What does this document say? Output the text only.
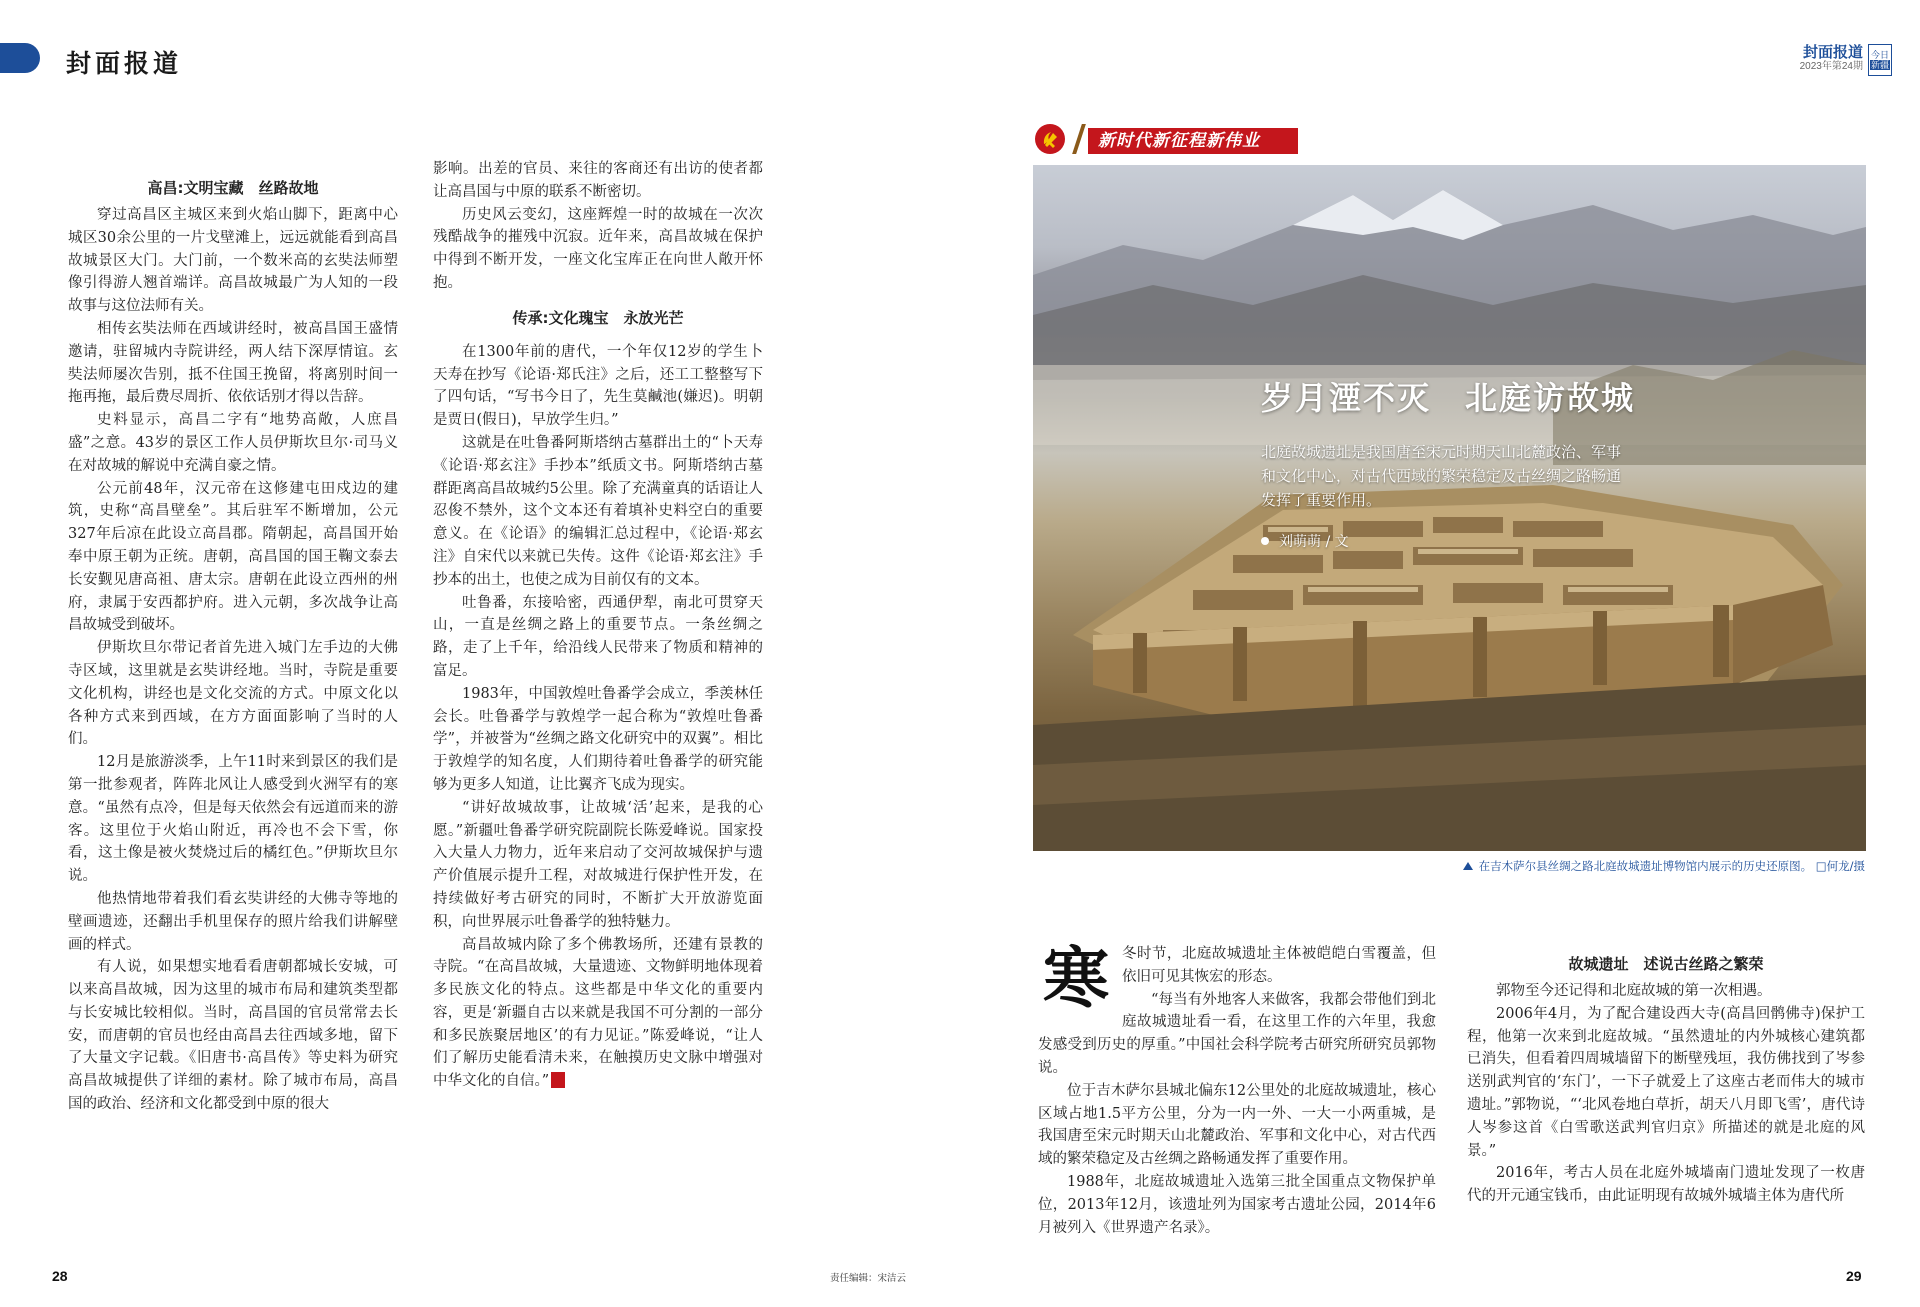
封面报道	封面报道
2023年第24期
今日
新疆
高昌:文明宝藏　丝路故地

穿过高昌区主城区来到火焰山脚下，距离中心城区30余公里的一片戈壁滩上，远远就能看到高昌故城景区大门。大门前，一个数米高的玄奘法师塑像引得游人翘首端详。高昌故城最广为人知的一段故事与这位法师有关。

相传玄奘法师在西域讲经时，被高昌国王盛情邀请，驻留城内寺院讲经，两人结下深厚情谊。玄奘法师屡次告别，抵不住国王挽留，将离别时间一拖再拖，最后费尽周折、依依话别才得以告辞。

史料显示，高昌二字有“地势高敞，人庶昌盛”之意。43岁的景区工作人员伊斯坎旦尔·司马义在对故城的解说中充满自豪之情。

公元前48年，汉元帝在这修建屯田戍边的建筑，史称“高昌壁垒”。其后驻军不断增加，公元327年后凉在此设立高昌郡。隋朝起，高昌国开始奉中原王朝为正统。唐朝，高昌国的国王鞠文泰去长安觐见唐高祖、唐太宗。唐朝在此设立西州的州府，隶属于安西都护府。进入元朝，多次战争让高昌故城受到破坏。

伊斯坎旦尔带记者首先进入城门左手边的大佛寺区域，这里就是玄奘讲经地。当时，寺院是重要文化机构，讲经也是文化交流的方式。中原文化以各种方式来到西域，在方方面面影响了当时的人们。

12月是旅游淡季，上午11时来到景区的我们是第一批参观者，阵阵北风让人感受到火洲罕有的寒意。“虽然有点冷，但是每天依然会有远道而来的游客。这里位于火焰山附近，再冷也不会下雪，你看，这土像是被火焚烧过后的橘红色。”伊斯坎旦尔说。

他热情地带着我们看玄奘讲经的大佛寺等地的壁画遗迹，还翻出手机里保存的照片给我们讲解壁画的样式。

有人说，如果想实地看看唐朝都城长安城，可以来高昌故城，因为这里的城市布局和建筑类型都与长安城比较相似。当时，高昌国的官员常常去长安，而唐朝的官员也经由高昌去往西域多地，留下了大量文字记载。《旧唐书·高昌传》等史料为研究高昌故城提供了详细的素材。除了城市布局，高昌国的政治、经济和文化都受到中原的很大

影响。出差的官员、来往的客商还有出访的使者都让高昌国与中原的联系不断密切。

历史风云变幻，这座辉煌一时的故城在一次次残酷战争的摧残中沉寂。近年来，高昌故城在保护中得到不断开发，一座文化宝库正在向世人敞开怀抱。

传承:文化瑰宝　永放光芒

在1300年前的唐代，一个年仅12岁的学生卜天寿在抄写《论语·郑氏注》之后，还工工整整写下了四句话，“写书今日了，先生莫鹹池(嫌迟)。明朝是贾日(假日)，早放学生归。”

这就是在吐鲁番阿斯塔纳古墓群出土的“卜天寿《论语·郑玄注》手抄本”纸质文书。阿斯塔纳古墓群距离高昌故城约5公里。除了充满童真的话语让人忍俊不禁外，这个文本还有着填补史料空白的重要意义。在《论语》的编辑汇总过程中，《论语·郑玄注》自宋代以来就已失传。这件《论语·郑玄注》手抄本的出土，也使之成为目前仅有的文本。

吐鲁番，东接哈密，西通伊犁，南北可贯穿天山，一直是丝绸之路上的重要节点。一条丝绸之路，走了上千年，给沿线人民带来了物质和精神的富足。

1983年，中国敦煌吐鲁番学会成立，季羡林任会长。吐鲁番学与敦煌学一起合称为“敦煌吐鲁番学”，并被誉为“丝绸之路文化研究中的双翼”。相比于敦煌学的知名度，人们期待着吐鲁番学的研究能够为更多人知道，让比翼齐飞成为现实。

“讲好故城故事，让故城‘活’起来，是我的心愿。”新疆吐鲁番学研究院副院长陈爱峰说。国家投入大量人力物力，近年来启动了交河故城保护与遗产价值展示提升工程，对故城进行保护性开发，在持续做好考古研究的同时，不断扩大开放游览面积，向世界展示吐鲁番学的独特魅力。

高昌故城内除了多个佛教场所，还建有景教的寺院。“在高昌故城，大量遗迹、文物鲜明地体现着多民族文化的特点。这些都是中华文化的重要内容，更是‘新疆自古以来就是我国不可分割的一部分和多民族聚居地区’的有力见证。”陈爱峰说，“让人们了解历史能看清未来，在触摸历史文脉中增强对中华文化的自信。”

28	责任编辑：宋洁云
新时代新征程新伟业
岁月湮不灭　北庭访故城
北庭故城遗址是我国唐至宋元时期天山北麓政治、军事和文化中心，对古代西域的繁荣稳定及古丝绸之路畅通发挥了重要作用。
刘萌萌 / 文
在吉木萨尔县丝绸之路北庭故城遗址博物馆内展示的历史还原图。 □何龙/摄
寒 冬时节，北庭故城遗址主体被皑皑白雪覆盖，但依旧可见其恢宏的形态。

“每当有外地客人来做客，我都会带他们到北庭故城遗址看一看，在这里工作的六年里，我愈发感受到历史的厚重。”中国社会科学院考古研究所研究员郭物说。

位于吉木萨尔县城北偏东12公里处的北庭故城遗址，核心区域占地1.5平方公里，分为一内一外、一大一小两重城，是我国唐至宋元时期天山北麓政治、军事和文化中心，对古代西域的繁荣稳定及古丝绸之路畅通发挥了重要作用。

1988年，北庭故城遗址入选第三批全国重点文物保护单位，2013年12月，该遗址列为国家考古遗址公园，2014年6月被列入《世界遗产名录》。

故城遗址　述说古丝路之繁荣

郭物至今还记得和北庭故城的第一次相遇。

2006年4月，为了配合建设西大寺(高昌回鹘佛寺)保护工程，他第一次来到北庭故城。“虽然遗址的内外城核心建筑都已消失，但看着四周城墙留下的断壁残垣，我仿佛找到了岑参送别武判官的‘东门’，一下子就爱上了这座古老而伟大的城市遗址。”郭物说，“‘北风卷地白草折，胡天八月即飞雪’，唐代诗人岑参这首《白雪歌送武判官归京》所描述的就是北庭的风景。”

2016年，考古人员在北庭外城墙南门遗址发现了一枚唐代的开元通宝钱币，由此证明现有故城外城墙主体为唐代所

29
